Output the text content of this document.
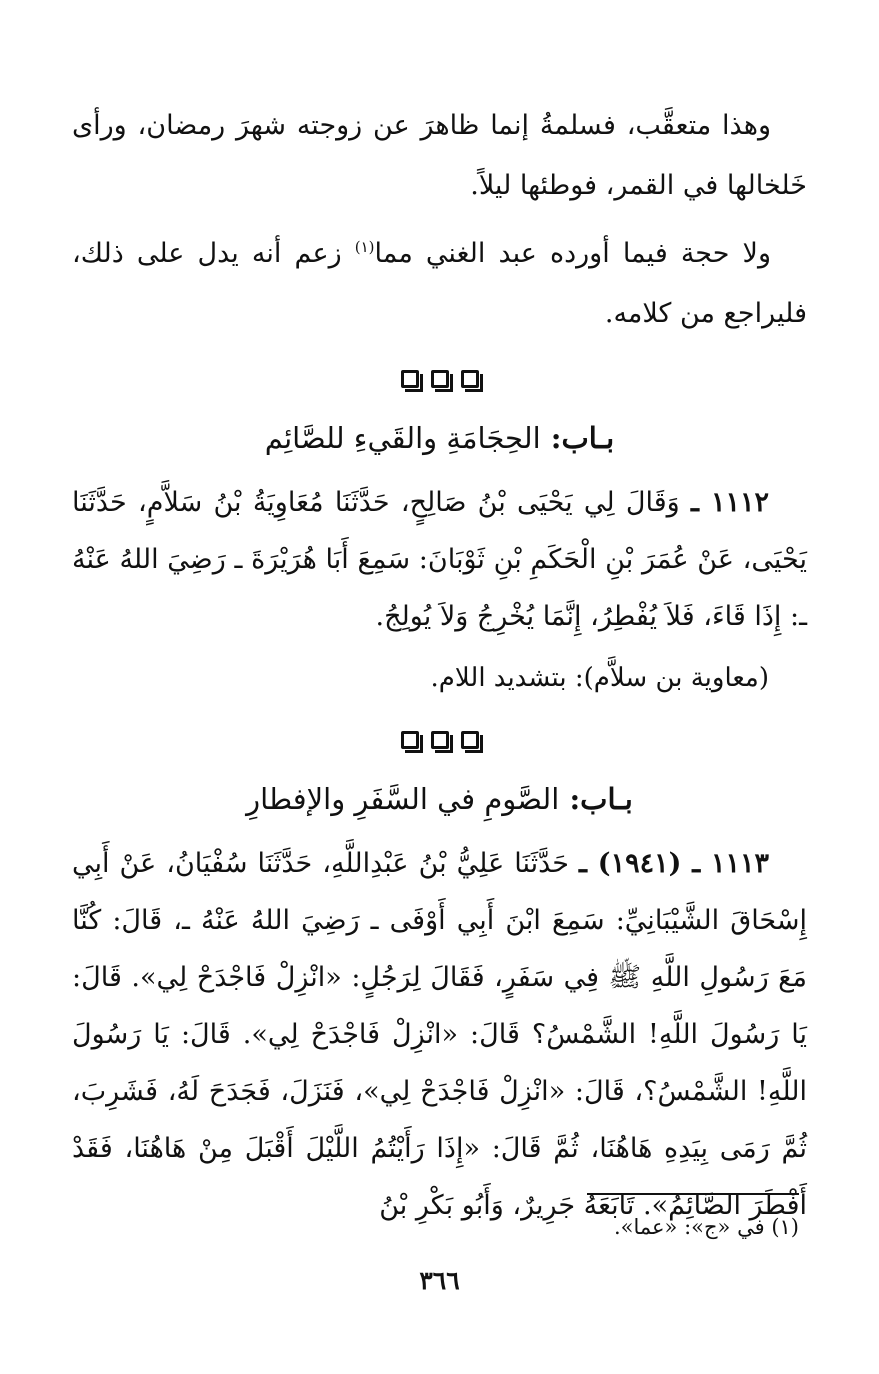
وهذا متعقَّب، فسلمةُ إنما ظاهرَ عن زوجته شهرَ رمضان، ورأى خَلخالها في القمر، فوطئها ليلاً.

ولا حجة فيما أورده عبد الغني مما$^{(١)}$ زعم أنه يدل على ذلك، فليراجع من كلامه.

بـاب: الحِجَامَةِ والقَيءِ للصَّائِم

١١١٢ ـ وَقَالَ لِي يَحْيَى بْنُ صَالِحٍ، حَدَّثَنَا مُعَاوِيَةُ بْنُ سَلاَّمٍ، حَدَّثَنَا يَحْيَى، عَنْ عُمَرَ بْنِ الْحَكَمِ بْنِ ثَوْبَانَ: سَمِعَ أَبَا هُرَيْرَةَ ـ رَضِيَ اللهُ عَنْهُ ـ: إِذَا قَاءَ، فَلاَ يُفْطِرُ، إِنَّمَا يُخْرِجُ وَلاَ يُولِجُ.

(معاوية بن سلاَّم): بتشديد اللام.

بـاب: الصَّومِ في السَّفَرِ والإفطارِ

١١١٣ ـ (١٩٤١) ـ حَدَّثَنَا عَلِيُّ بْنُ عَبْدِاللَّهِ، حَدَّثَنَا سُفْيَانُ، عَنْ أَبِي إِسْحَاقَ الشَّيْبَانِيِّ: سَمِعَ ابْنَ أَبِي أَوْفَى ـ رَضِيَ اللهُ عَنْهُ ـ، قَالَ: كُنَّا مَعَ رَسُولِ اللَّهِ ﷺ فِي سَفَرٍ، فَقَالَ لِرَجُلٍ: «انْزِلْ فَاجْدَحْ لِي». قَالَ: يَا رَسُولَ اللَّهِ! الشَّمْسُ؟ قَالَ: «انْزِلْ فَاجْدَحْ لِي». قَالَ: يَا رَسُولَ اللَّهِ! الشَّمْسُ؟، قَالَ: «انْزِلْ فَاجْدَحْ لِي»، فَنَزَلَ، فَجَدَحَ لَهُ، فَشَرِبَ، ثُمَّ رَمَى بِيَدِهِ هَاهُنَا، ثُمَّ قَالَ: «إِذَا رَأَيْتُمُ اللَّيْلَ أَقْبَلَ مِنْ هَاهُنَا، فَقَدْ أَفْطَرَ الصَّائِمُ». تَابَعَهُ جَرِيرٌ، وَأَبُو بَكْرِ بْنُ

(١) في «ج»: «عما».
٣٦٦
